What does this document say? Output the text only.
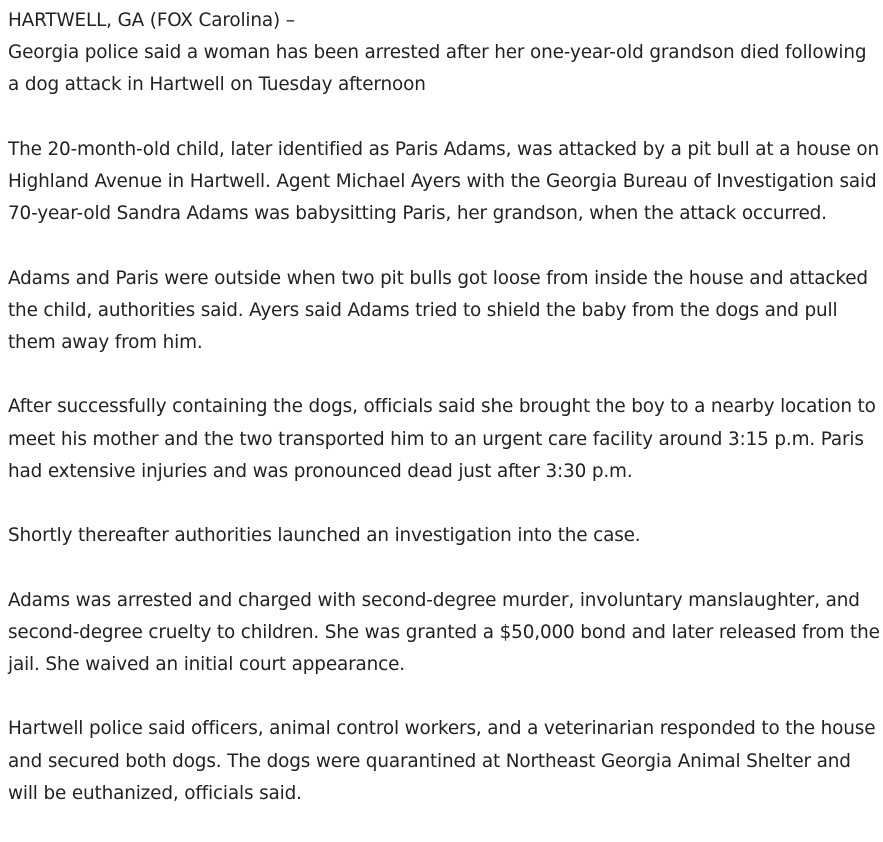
HARTWELL, GA (FOX Carolina) –
Georgia police said a woman has been arrested after her one-year-old grandson died following a dog attack in Hartwell on Tuesday afternoon

The 20-month-old child, later identified as Paris Adams, was attacked by a pit bull at a house on Highland Avenue in Hartwell. Agent Michael Ayers with the Georgia Bureau of Investigation said 70-year-old Sandra Adams was babysitting Paris, her grandson, when the attack occurred.

Adams and Paris were outside when two pit bulls got loose from inside the house and attacked the child, authorities said. Ayers said Adams tried to shield the baby from the dogs and pull them away from him.

After successfully containing the dogs, officials said she brought the boy to a nearby location to meet his mother and the two transported him to an urgent care facility around 3:15 p.m. Paris had extensive injuries and was pronounced dead just after 3:30 p.m.

Shortly thereafter authorities launched an investigation into the case.

Adams was arrested and charged with second-degree murder, involuntary manslaughter, and second-degree cruelty to children. She was granted a $50,000 bond and later released from the jail. She waived an initial court appearance.

Hartwell police said officers, animal control workers, and a veterinarian responded to the house and secured both dogs. The dogs were quarantined at Northeast Georgia Animal Shelter and will be euthanized, officials said.
